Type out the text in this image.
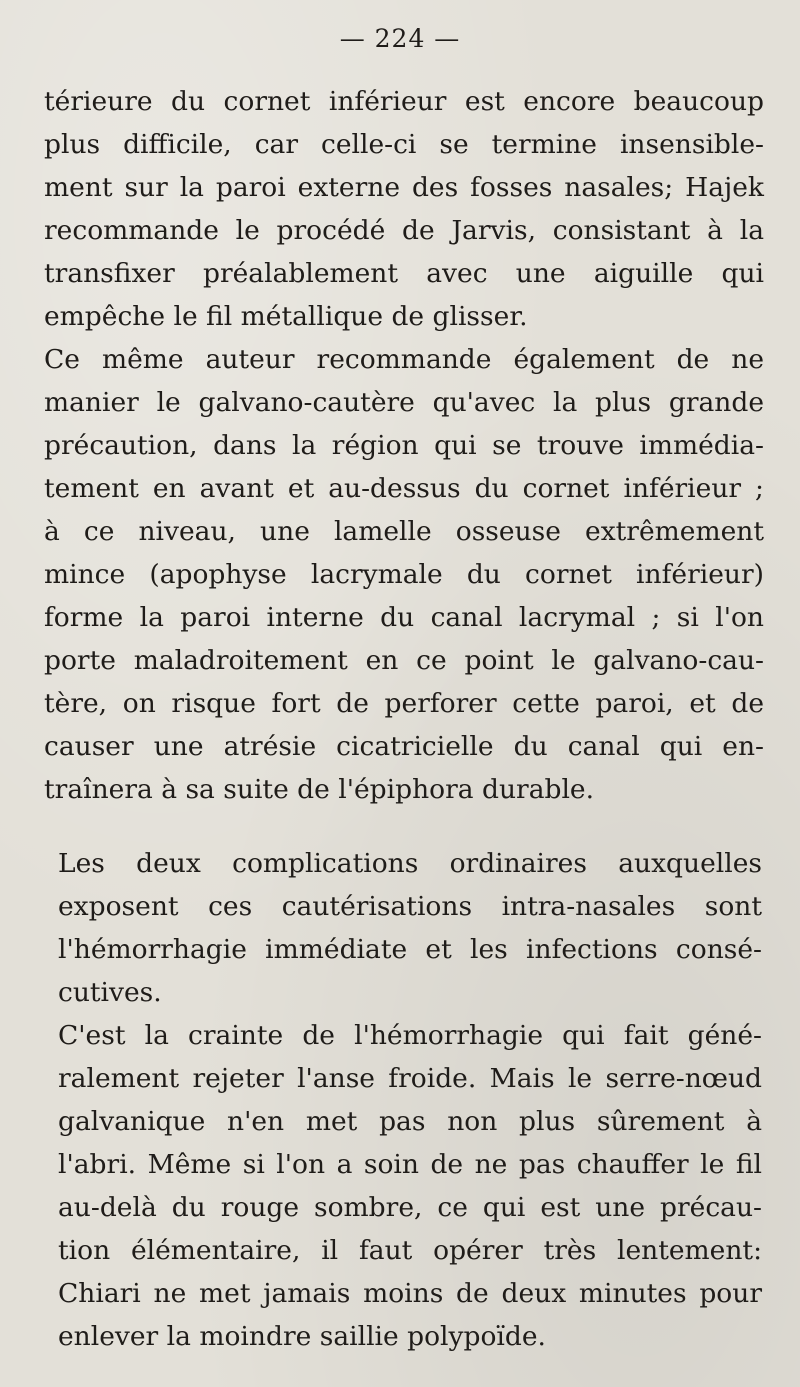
— 224 —
térieure du cornet inférieur est encore beaucoup
plus difficile, car celle-ci se termine insensible-
ment sur la paroi externe des fosses nasales; Hajek
recommande le procédé de Jarvis, consistant à la
transfixer préalablement avec une aiguille qui
empêche le fil métallique de glisser.
Ce même auteur recommande également de ne
manier le galvano-cautère qu'avec la plus grande
précaution, dans la région qui se trouve immédia-
tement en avant et au-dessus du cornet inférieur ;
à ce niveau, une lamelle osseuse extrêmement
mince (apophyse lacrymale du cornet inférieur)
forme la paroi interne du canal lacrymal ; si l'on
porte maladroitement en ce point le galvano-cau-
tère, on risque fort de perforer cette paroi, et de
causer une atrésie cicatricielle du canal qui en-
traînera à sa suite de l'épiphora durable.
Les deux complications ordinaires auxquelles
exposent ces cautérisations intra-nasales sont
l'hémorrhagie immédiate et les infections consé-
cutives.
C'est la crainte de l'hémorrhagie qui fait géné-
ralement rejeter l'anse froide. Mais le serre-nœud
galvanique n'en met pas non plus sûrement à
l'abri. Même si l'on a soin de ne pas chauffer le fil
au-delà du rouge sombre, ce qui est une précau-
tion élémentaire, il faut opérer très lentement:
Chiari ne met jamais moins de deux minutes pour
enlever la moindre saillie polypoïde.
